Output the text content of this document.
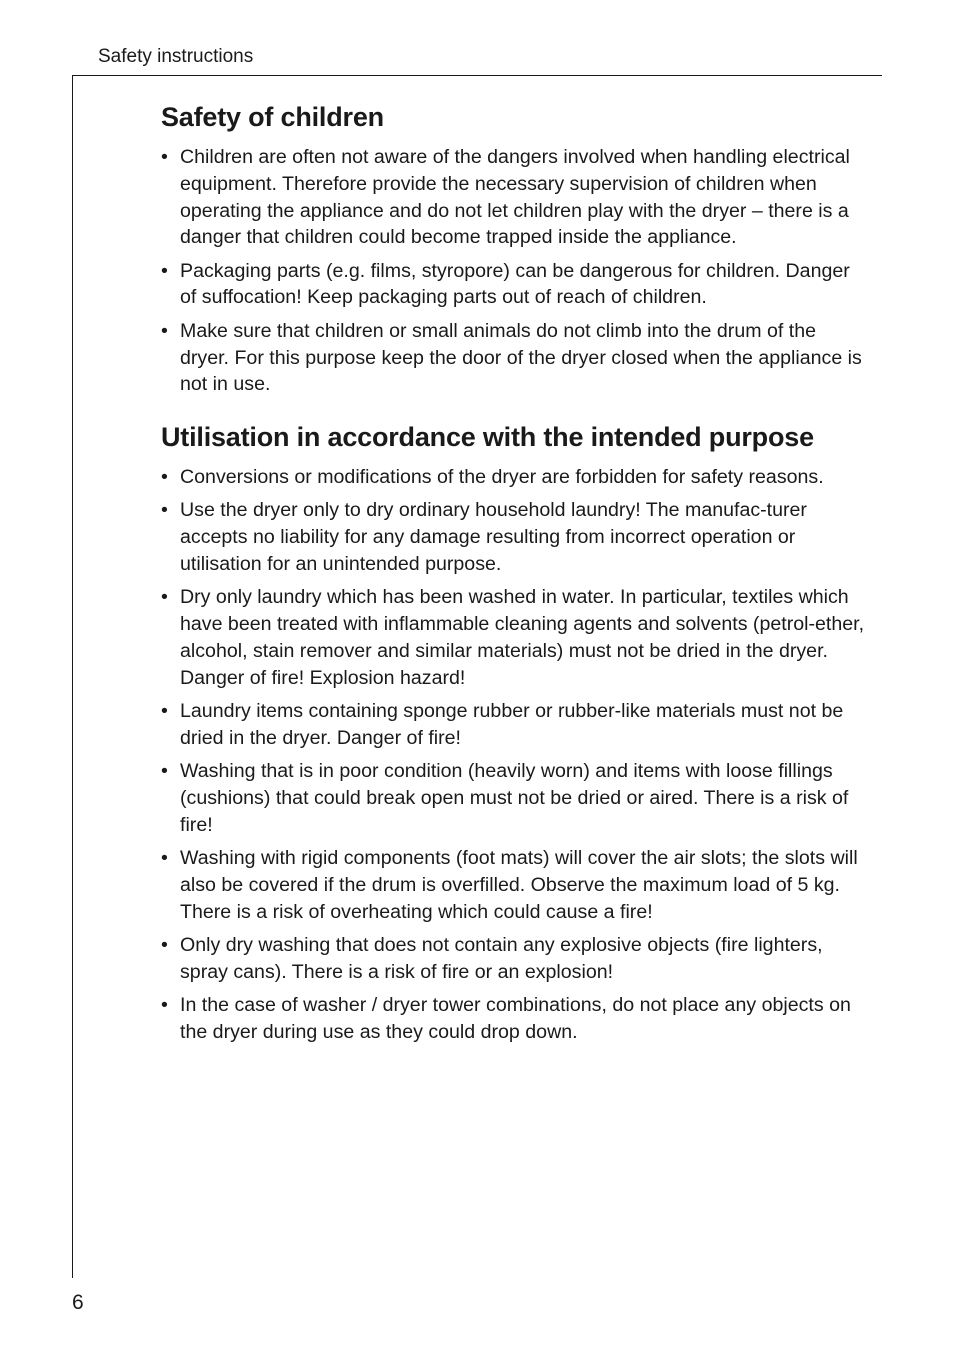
Safety instructions
Safety of children
• Children are often not aware of the dangers involved when handling electrical equipment. Therefore provide the necessary supervision of children when operating the appliance and do not let children play with the dryer – there is a danger that children could become trapped inside the appliance.
• Packaging parts (e.g. films, styropore) can be dangerous for children. Danger of suffocation! Keep packaging parts out of reach of children.
• Make sure that children or small animals do not climb into the drum of the dryer. For this purpose keep the door of the dryer closed when the appliance is not in use.
Utilisation in accordance with the intended purpose
• Conversions or modifications of the dryer are forbidden for safety reasons.
• Use the dryer only to dry ordinary household laundry! The manufac-turer accepts no liability for any damage resulting from incorrect operation or utilisation for an unintended purpose.
• Dry only laundry which has been washed in water. In particular, textiles which have been treated with inflammable cleaning agents and solvents (petrol-ether, alcohol, stain remover and similar materials) must not be dried in the dryer. Danger of fire! Explosion hazard!
• Laundry items containing sponge rubber or rubber-like materials must not be dried in the dryer. Danger of fire!
• Washing that is in poor condition (heavily worn) and items with loose fillings (cushions) that could break open must not be dried or aired. There is a risk of fire!
• Washing with rigid components (foot mats) will cover the air slots; the slots will also be covered if the drum is overfilled. Observe the maximum load of 5 kg. There is a risk of overheating which could cause a fire!
• Only dry washing that does not contain any explosive objects (fire lighters, spray cans). There is a risk of fire or an explosion!
• In the case of washer / dryer tower combinations, do not place any objects on the dryer during use as they could drop down.
6
